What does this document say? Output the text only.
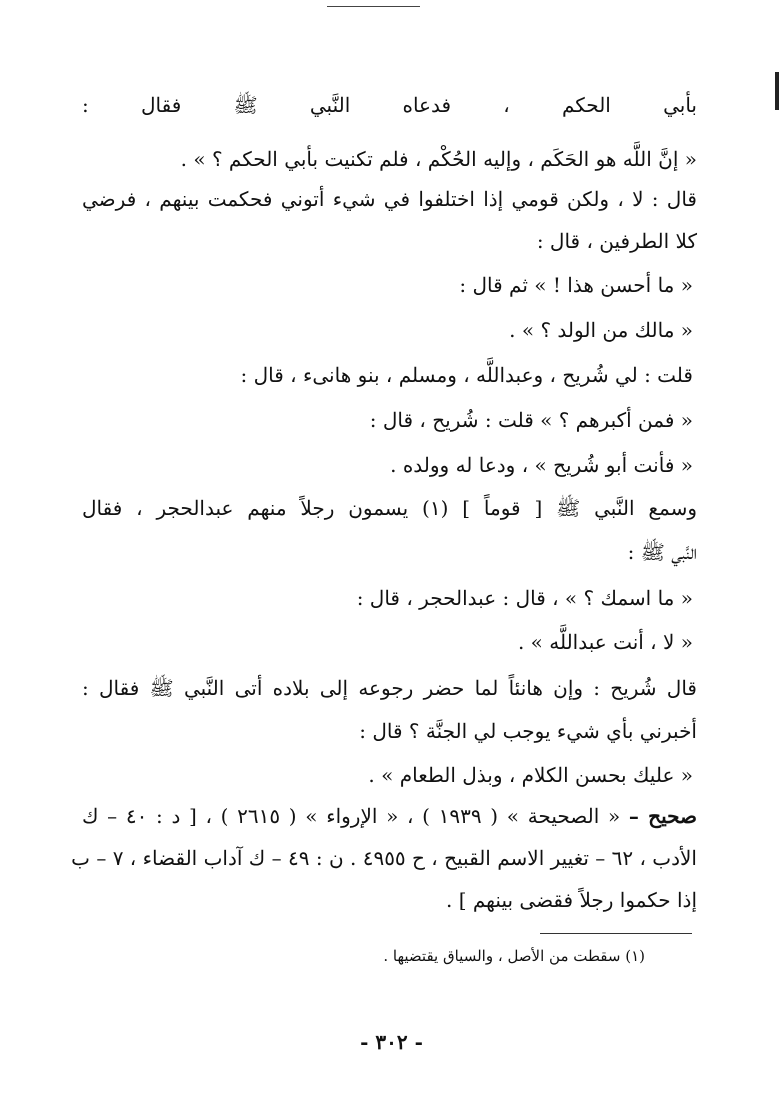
بأبي الحكم ، فدعاه النَّبي ﷺ فقال :
« إنَّ اللَّه هو الحَكَم ، وإليه الحُكْم ، فلم تكنيت بأبي الحكم ؟ » .
قال : لا ، ولكن قومي إذا اختلفوا في شيء أتوني فحكمت بينهم ، فرضي
كلا الطرفين ، قال :
« ما أحسن هذا ! » ثم قال :
« مالك من الولد ؟ » .
قلت : لي شُريح ، وعبداللَّه ، ومسلم ، بنو هانىء ، قال :
« فمن أكبرهم ؟ » قلت : شُريح ، قال :
« فأنت أبو شُريح » ، ودعا له وولده .
وسمع النَّبي ﷺ [ قوماً ] (١) يسمون رجلاً منهم عبدالحجر ، فقال
النَّبي ﷺ :
« ما اسمك ؟ » ، قال : عبدالحجر ، قال :
« لا ، أنت عبداللَّه » .
قال شُريح : وإن هانئاً لما حضر رجوعه إلى بلاده أتى النَّبي ﷺ فقال :
أخبرني بأي شيء يوجب لي الجنَّة ؟ قال :
« عليك بحسن الكلام ، وبذل الطعام » .
صحيح – « الصحيحة » ( ١٩٣٩ ) ، « الإرواء » ( ٢٦١٥ ) ، [ د : ٤٠ – ك
الأدب ، ٦٢ – تغيير الاسم القبيح ، ح ٤٩٥٥ . ن : ٤٩ – ك آداب القضاء ، ٧ – ب
إذا حكموا رجلاً فقضى بينهم ] .
(١) سقطت من الأصل ، والسياق يقتضيها .
- ٣٠٢ -
